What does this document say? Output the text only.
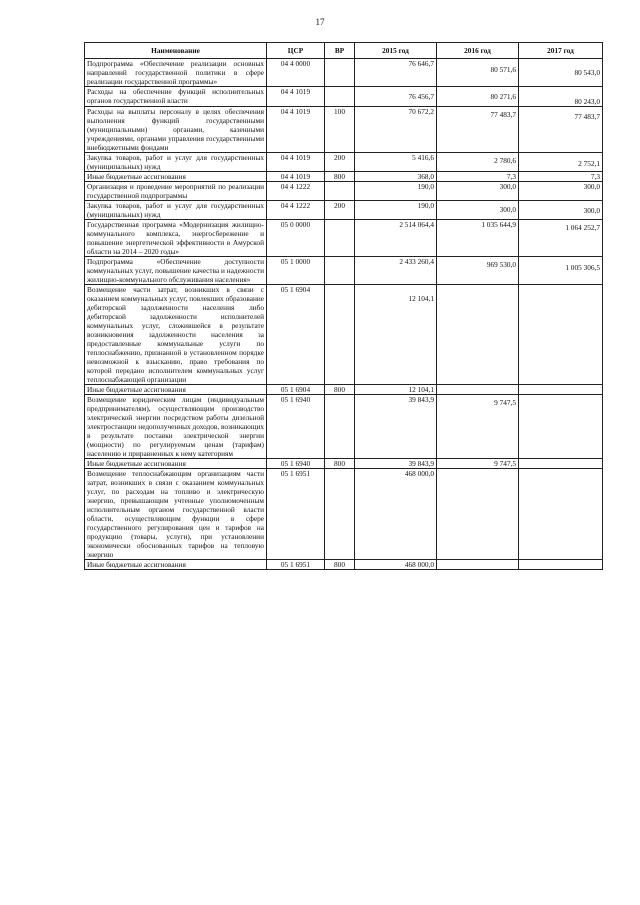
17
Наименование	ЦСР	ВР	2015 год	2016 год	2017 год
Подпрограмма «Обеспечение реализации основных направлений государственной политики в сфере реализации государственной программы»	04 4 0000		76 646,7	80 571,6	80 543,0
Расходы на обеспечение функций исполнительных органов государственной власти	04 4 1019		76 456,7	80 271,6	80 243,0
Расходы на выплаты персоналу в целях обеспечения выполнения функций государственными (муниципальными) органами, казенными учреждениями, органами управления государственными внебюджетными фондами	04 4 1019	100	70 672,2	77 483,7	77 483,7
Закупка товаров, работ и услуг для государственных (муниципальных) нужд	04 4 1019	200	5 416,6	2 780,6	2 752,1
Иные бюджетные ассигнования	04 4 1019	800	368,0	7,3	7,3
Организация и проведение мероприятий по реализации государственной подпрограммы	04 4 1222		190,0	300,0	300,0
Закупка товаров, работ и услуг для государственных (муниципальных) нужд	04 4 1222	200	190,0	300,0	300,0
Государственная программа «Модернизация жилищно-коммунального комплекса, энергосбережение и повышение энергетической эффективности в Амурской области на 2014 – 2020 годы»	05 0 0000		2 514 064,4	1 035 644,9	1 064 252,7
Подпрограмма «Обеспечение доступности коммунальных услуг, повышение качества и надежности жилищно-коммунального обслуживания населения»	05 1 0000		2 433 260,4	969 530,0	1 005 306,5
Возмещение части затрат, возникших в связи с оказанием коммунальных услуг, повлекших образование дебиторской задолженности населения либо дебиторской задолженности исполнителей коммунальных услуг, сложившейся в результате возникновения задолженности населения за предоставленные коммунальные услуги по теплоснабжению, признанной в установленном порядке невозможной к взысканию, право требования по которой передано исполнителем коммунальных услуг теплоснабжающей организации	05 1 6904		12 104,1		
Иные бюджетные ассигнования	05 1 6904	800	12 104,1		
Возмещение юридическим лицам (индивидуальным предпринимателям), осуществляющим производство электрической энергии посредством работы дизельной электростанции недополученных доходов, возникающих в результате поставки электрической энергии (мощности) по регулируемым ценам (тарифам) населению и приравненных к нему категориям	05 1 6940		39 843,9	9 747,5	
Иные бюджетные ассигнования	05 1 6940	800	39 843,9	9 747,5	
Возмещение теплоснабжающим организациям части затрат, возникших в связи с оказанием коммунальных услуг, по расходам на топливо и электрическую энергию, превышающим учтенные уполномоченным исполнительным органом государственной власти области, осуществляющим функции в сфере государственного регулирования цен и тарифов на продукцию (товары, услуги), при установлении экономически обоснованных тарифов на тепловую энергию	05 1 6951		468 000,0		
Иные бюджетные ассигнования	05 1 6951	800	468 000,0		
